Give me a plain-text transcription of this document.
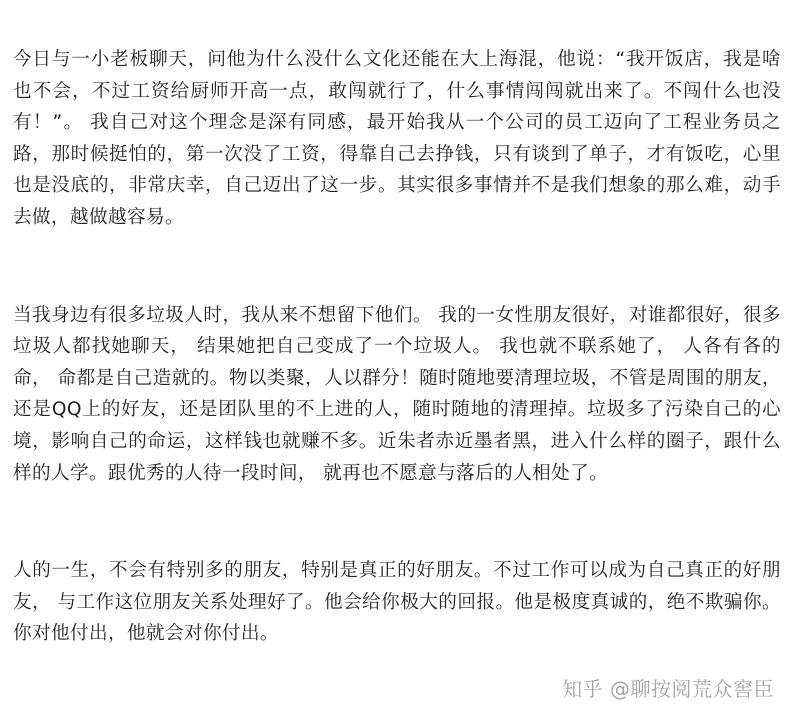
今日与一小老板聊天，问他为什么没什么文化还能在大上海混，他说：“我开饭店，我是啥也不会，不过工资给厨师开高一点，敢闯就行了，什么事情闯闯就出来了。不闯什么也没有！”。 我自己对这个理念是深有同感，最开始我从一个公司的员工迈向了工程业务员之路，那时候挺怕的，第一次没了工资，得靠自己去挣钱，只有谈到了单子，才有饭吃，心里也是没底的，非常庆幸，自己迈出了这一步。其实很多事情并不是我们想象的那么难，动手去做，越做越容易。

当我身边有很多垃圾人时，我从来不想留下他们。 我的一女性朋友很好，对谁都很好，很多垃圾人都找她聊天， 结果她把自己变成了一个垃圾人。 我也就不联系她了， 人各有各的命， 命都是自己造就的。物以类聚，人以群分！随时随地要清理垃圾，不管是周围的朋友，还是QQ上的好友，还是团队里的不上进的人，随时随地的清理掉。垃圾多了污染自己的心境，影响自己的命运，这样钱也就赚不多。近朱者赤近墨者黑，进入什么样的圈子，跟什么样的人学。跟优秀的人待一段时间， 就再也不愿意与落后的人相处了。

人的一生，不会有特别多的朋友，特别是真正的好朋友。不过工作可以成为自己真正的好朋友， 与工作这位朋友关系处理好了。他会给你极大的回报。他是极度真诚的，绝不欺骗你。 你对他付出，他就会对你付出。

知乎 @聊按阅荒众窖臣
